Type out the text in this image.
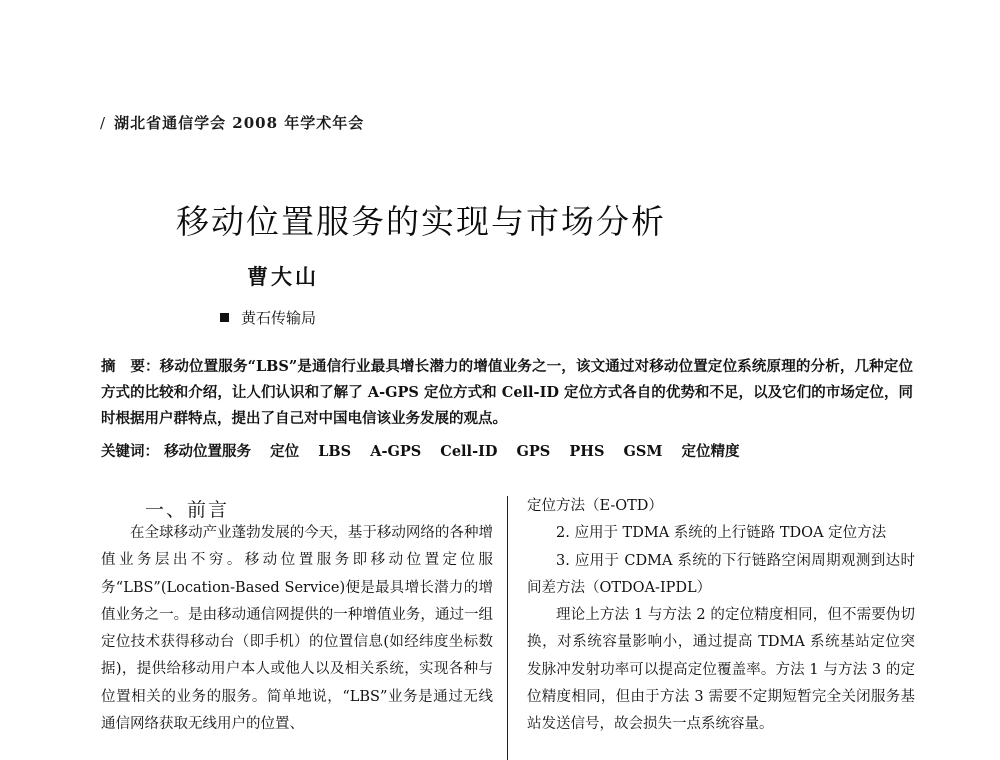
/ 湖北省通信学会 2008 年学术年会
移动位置服务的实现与市场分析
曹大山
黄石传输局
摘　要：移动位置服务“LBS”是通信行业最具增长潜力的增值业务之一，该文通过对移动位置定位系统原理的分析，几种定位方式的比较和介绍，让人们认识和了解了 A-GPS 定位方式和 Cell-ID 定位方式各自的优势和不足，以及它们的市场定位，同时根据用户群特点，提出了自己对中国电信该业务发展的观点。
关键词： 移动位置服务 定位 LBS A-GPS Cell-ID GPS PHS GSM 定位精度
一、前言

在全球移动产业蓬勃发展的今天，基于移动网络的各种增值业务层出不穷。移动位置服务即移动位置定位服务“LBS”(Location-Based Service)便是最具增长潜力的增值业务之一。是由移动通信网提供的一种增值业务，通过一组定位技术获得移动台（即手机）的位置信息(如经纬度坐标数据)，提供给移动用户本人或他人以及相关系统，实现各种与位置相关的业务的服务。简单地说，“LBS”业务是通过无线通信网络获取无线用户的位置、

定位方法（E-OTD）

2. 应用于 TDMA 系统的上行链路 TDOA 定位方法

3. 应用于 CDMA 系统的下行链路空闲周期观测到达时间差方法（OTDOA-IPDL）

理论上方法 1 与方法 2 的定位精度相同，但不需要伪切换，对系统容量影响小，通过提高 TDMA 系统基站定位突发脉冲发射功率可以提高定位覆盖率。方法 1 与方法 3 的定位精度相同，但由于方法 3 需要不定期短暂完全关闭服务基站发送信号，故会损失一点系统容量。
